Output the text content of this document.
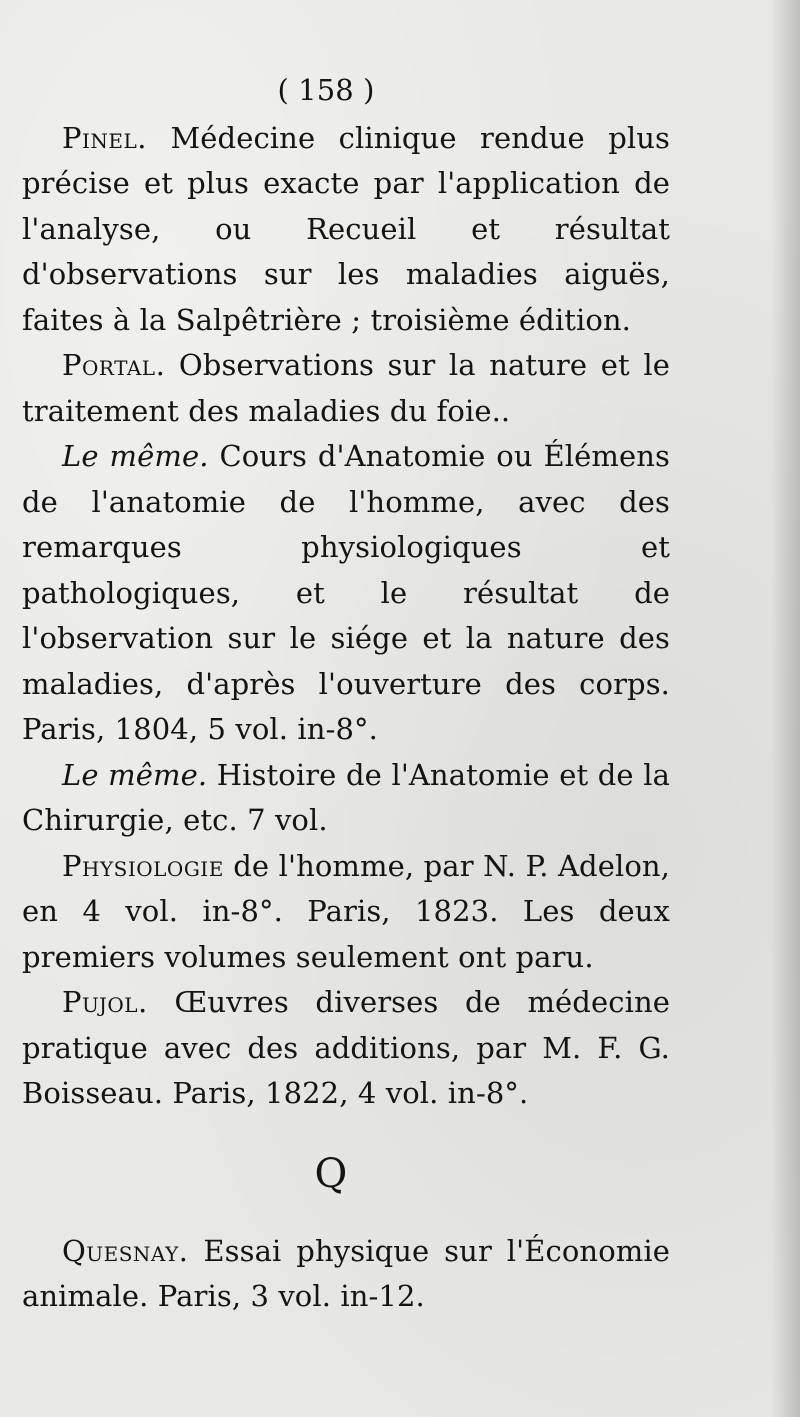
( 158 )

Pinel. Médecine clinique rendue plus précise et plus exacte par l'application de l'analyse, ou Recueil et résultat d'observations sur les maladies aiguës, faites à la Salpêtrière ; troisième édition.

Portal. Observations sur la nature et le traitement des maladies du foie..

Le même. Cours d'Anatomie ou Élémens de l'anatomie de l'homme, avec des remarques physiologiques et pathologiques, et le résultat de l'observation sur le siége et la nature des maladies, d'après l'ouverture des corps. Paris, 1804, 5 vol. in-8°.

Le même. Histoire de l'Anatomie et de la Chirurgie, etc. 7 vol.

Physiologie de l'homme, par N. P. Adelon, en 4 vol. in-8°. Paris, 1823. Les deux premiers volumes seulement ont paru.

Pujol. Œuvres diverses de médecine pratique avec des additions, par M. F. G. Boisseau. Paris, 1822, 4 vol. in-8°.

Q

Quesnay. Essai physique sur l'Économie animale. Paris, 3 vol. in-12.
